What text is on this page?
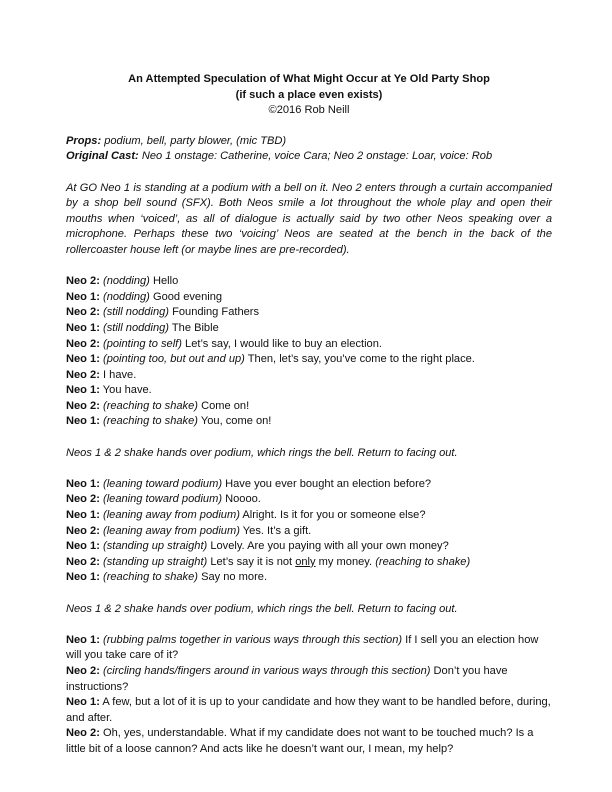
An Attempted Speculation of What Might Occur at Ye Old Party Shop
(if such a place even exists)
©2016 Rob Neill
Props: podium, bell, party blower, (mic TBD)
Original Cast: Neo 1 onstage: Catherine, voice Cara; Neo 2 onstage: Loar, voice: Rob

At GO Neo 1 is standing at a podium with a bell on it. Neo 2 enters through a curtain accompanied by a shop bell sound (SFX). Both Neos smile a lot throughout the whole play and open their mouths when ‘voiced’, as all of dialogue is actually said by two other Neos speaking over a microphone. Perhaps these two ‘voicing’ Neos are seated at the bench in the back of the rollercoaster house left (or maybe lines are pre-recorded).

Neo 2: (nodding) Hello
Neo 1: (nodding) Good evening
Neo 2: (still nodding) Founding Fathers
Neo 1: (still nodding) The Bible
Neo 2: (pointing to self) Let’s say, I would like to buy an election.
Neo 1: (pointing too, but out and up) Then, let’s say, you’ve come to the right place.
Neo 2: I have.
Neo 1: You have.
Neo 2: (reaching to shake) Come on!
Neo 1: (reaching to shake) You, come on!
Neos 1 & 2 shake hands over podium, which rings the bell. Return to facing out.
Neo 1: (leaning toward podium) Have you ever bought an election before?
Neo 2: (leaning toward podium) Noooo.
Neo 1: (leaning away from podium) Alright. Is it for you or someone else?
Neo 2: (leaning away from podium) Yes. It’s a gift.
Neo 1: (standing up straight) Lovely. Are you paying with all your own money?
Neo 2: (standing up straight) Let’s say it is not only my money. (reaching to shake)
Neo 1: (reaching to shake) Say no more.
Neos 1 & 2 shake hands over podium, which rings the bell. Return to facing out.
Neo 1: (rubbing palms together in various ways through this section) If I sell you an election how will you take care of it?
Neo 2: (circling hands/fingers around in various ways through this section) Don’t you have instructions?
Neo 1: A few, but a lot of it is up to your candidate and how they want to be handled before, during, and after.
Neo 2: Oh, yes, understandable. What if my candidate does not want to be touched much? Is a little bit of a loose cannon? And acts like he doesn’t want our, I mean, my help?
